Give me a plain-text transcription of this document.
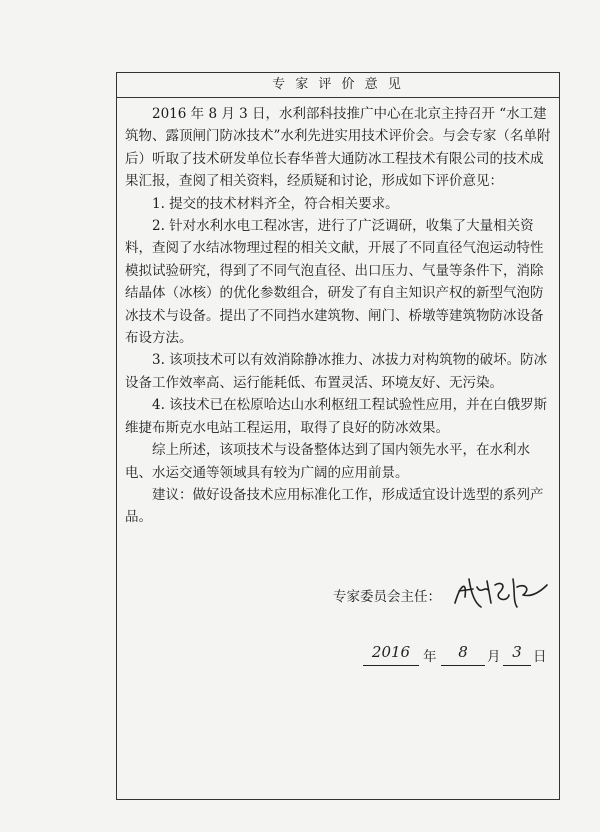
专 家 评 价 意 见

2016 年 8 月 3 日，水利部科技推广中心在北京主持召开 “水工建筑物、露顶闸门防冰技术”水利先进实用技术评价会。与会专家（名单附后）听取了技术研发单位长春华普大通防冰工程技术有限公司的技术成果汇报，查阅了相关资料，经质疑和讨论，形成如下评价意见：

1. 提交的技术材料齐全，符合相关要求。

2. 针对水利水电工程冰害，进行了广泛调研，收集了大量相关资料，查阅了水结冰物理过程的相关文献，开展了不同直径气泡运动特性模拟试验研究，得到了不同气泡直径、出口压力、气量等条件下，消除结晶体（冰核）的优化参数组合，研发了有自主知识产权的新型气泡防冰技术与设备。提出了不同挡水建筑物、闸门、桥墩等建筑物防冰设备布设方法。

3. 该项技术可以有效消除静冰推力、冰拔力对构筑物的破坏。防冰设备工作效率高、运行能耗低、布置灵活、环境友好、无污染。

4. 该技术已在松原哈达山水利枢纽工程试验性应用，并在白俄罗斯维捷布斯克水电站工程运用，取得了良好的防冰效果。

综上所述，该项技术与设备整体达到了国内领先水平，在水利水电、水运交通等领域具有较为广阔的应用前景。

建议：做好设备技术应用标准化工作，形成适宜设计选型的系列产品。

专家委员会主任：
2016 年	8	月 3 日
